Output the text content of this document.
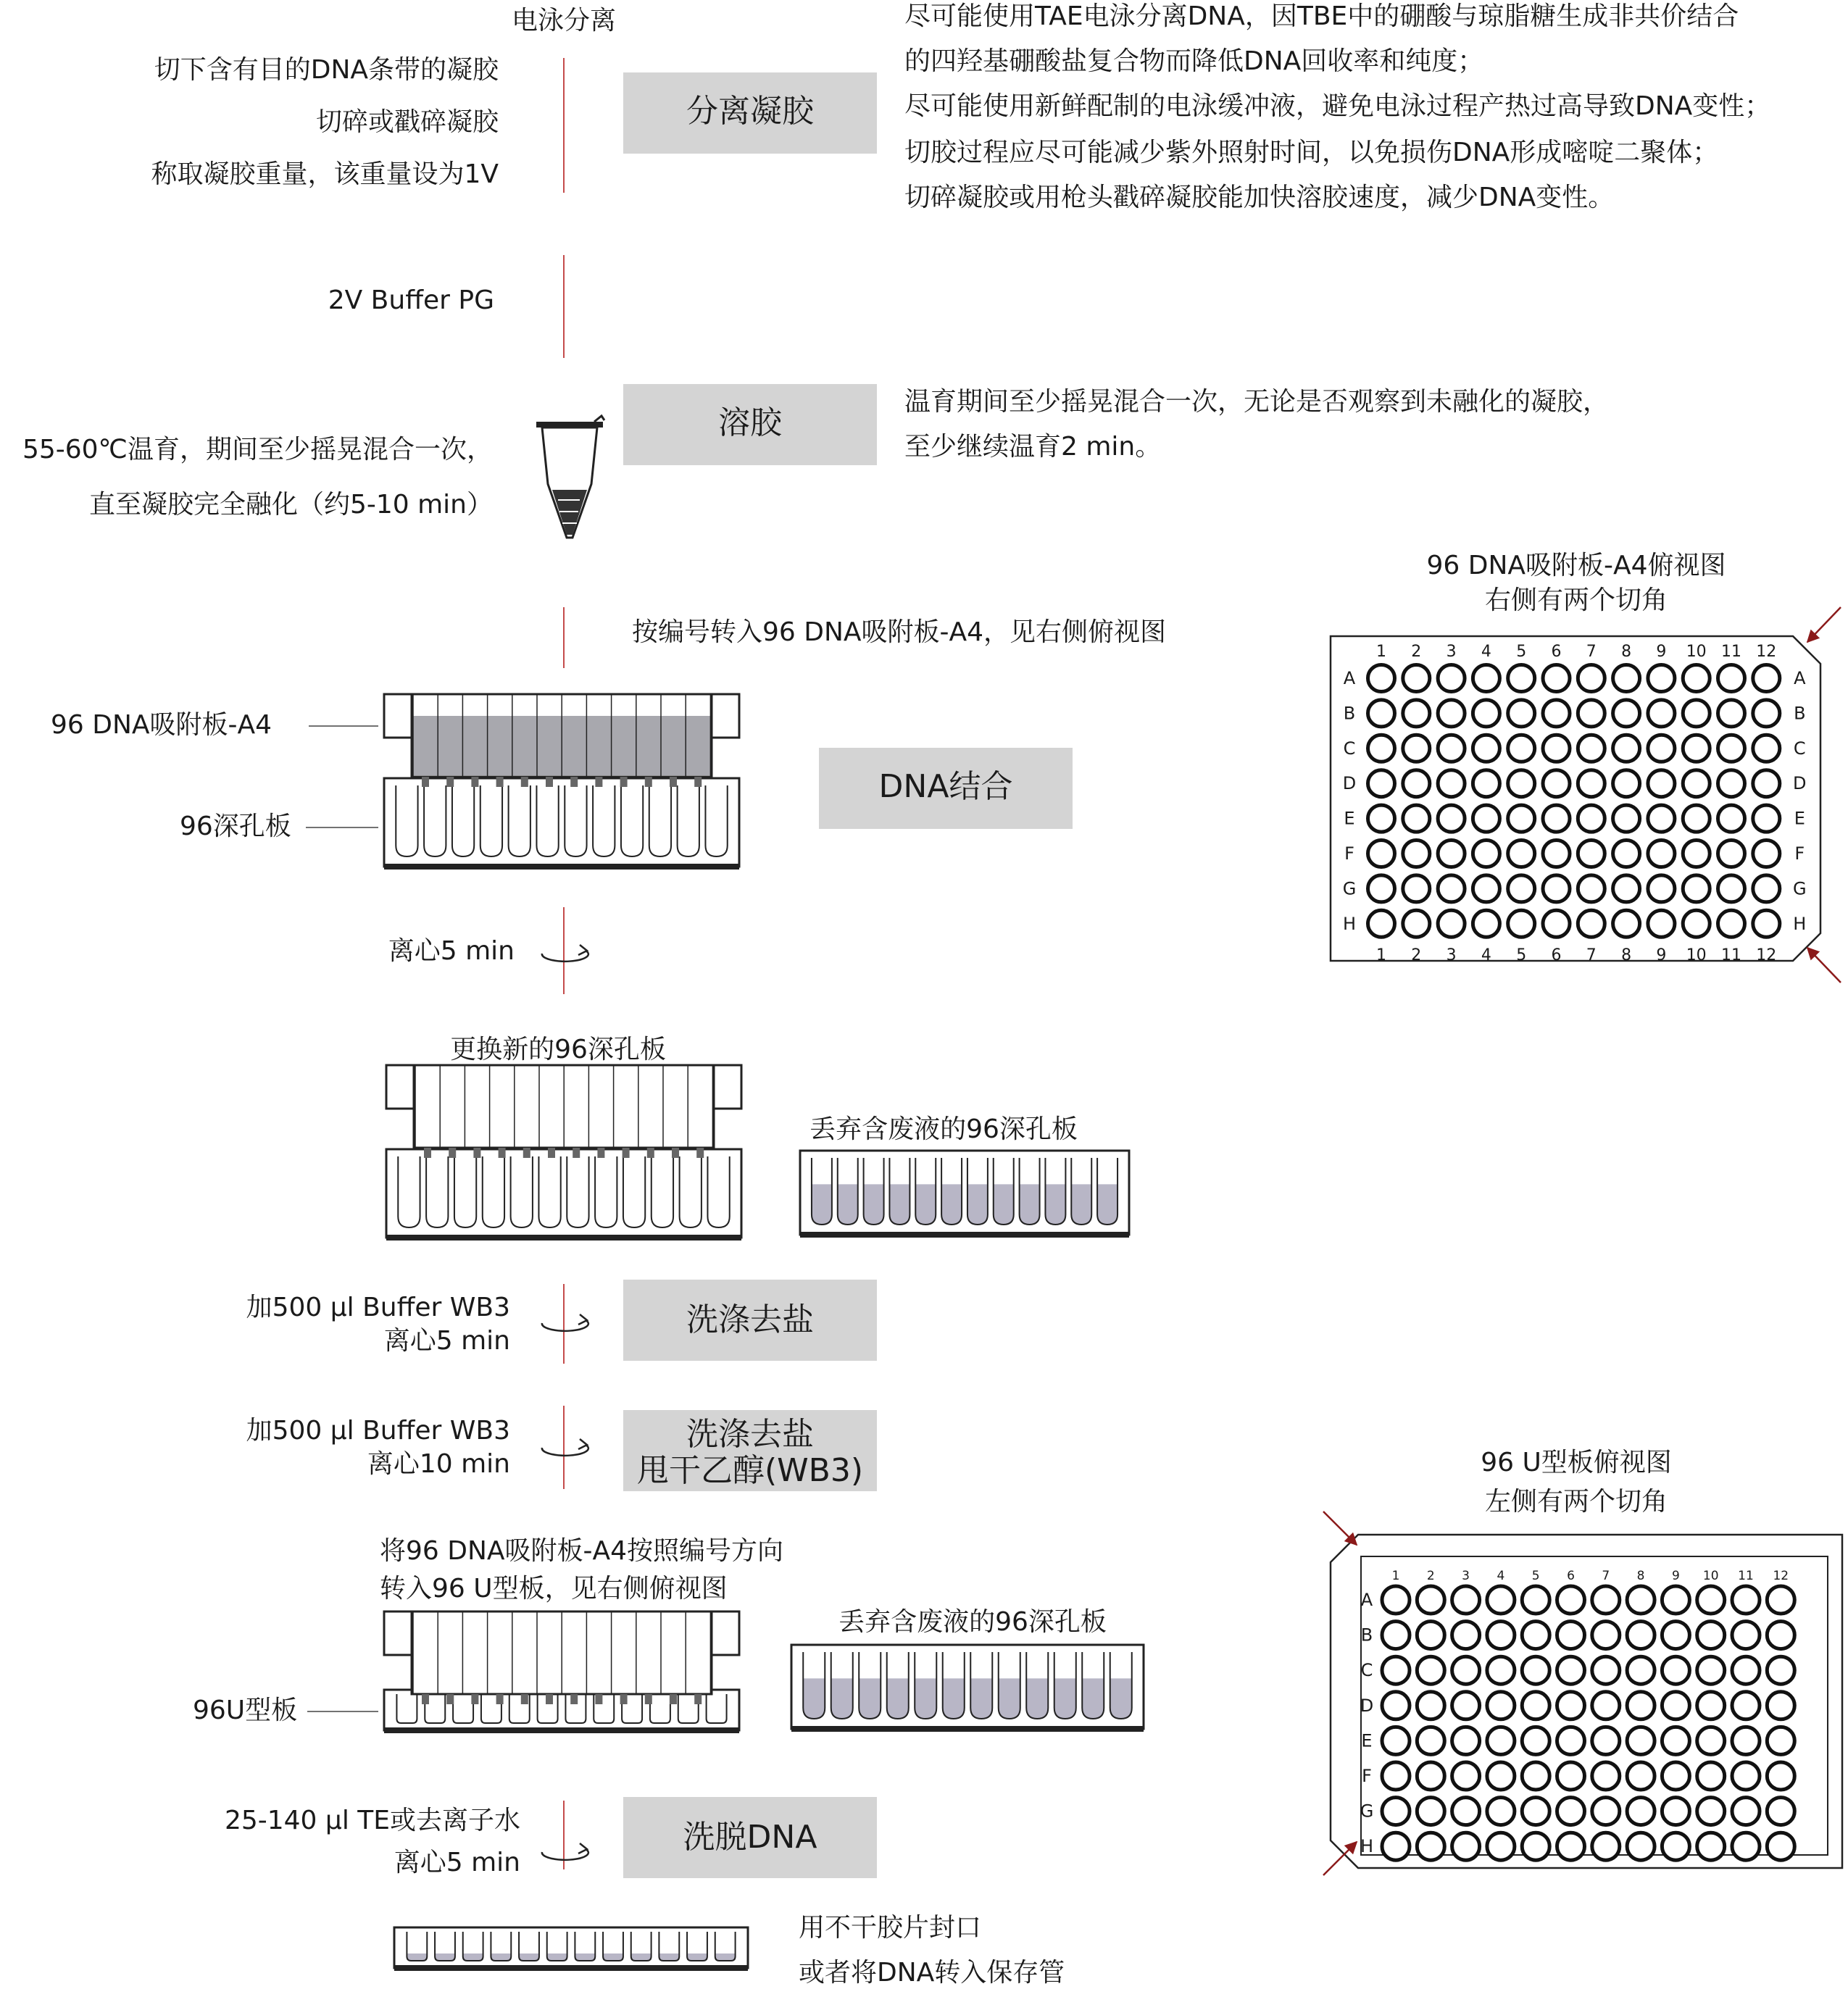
电泳分离
切下含有目的DNA条带的凝胶
切碎或戳碎凝胶
称取凝胶重量，该重量设为1V
分离凝胶
尽可能使用TAE电泳分离DNA，因TBE中的硼酸与琼脂糖生成非共价结合
的四羟基硼酸盐复合物而降低DNA回收率和纯度；
尽可能使用新鲜配制的电泳缓冲液，避免电泳过程产热过高导致DNA变性；
切胶过程应尽可能减少紫外照射时间，以免损伤DNA形成嘧啶二聚体；
切碎凝胶或用枪头戳碎凝胶能加快溶胶速度，减少DNA变性。
2V Buffer PG
55-60℃温育，期间至少摇晃混合一次，
直至凝胶完全融化（约5-10 min）
溶胶
温育期间至少摇晃混合一次，无论是否观察到未融化的凝胶，
至少继续温育2 min。
按编号转入96 DNA吸附板-A4，见右侧俯视图
96 DNA吸附板-A4
96深孔板
DNA结合
96 DNA吸附板-A4俯视图
右侧有两个切角
1
1
2
2
3
3
4
4
5
5
6
6
7
7
8
8
9
9
10
10
11
11
12
12
A	A
B	B
C	C
D	D
E	E
F	F
G	G
H	H
离心5 min
更换新的96深孔板
丢弃含废液的96深孔板
加500 µl Buffer WB3
离心5 min
洗涤去盐
加500 µl Buffer WB3
离心10 min
洗涤去盐
甩干乙醇(WB3)
将96 DNA吸附板-A4按照编号方向
转入96 U型板，见右侧俯视图
96U型板
丢弃含废液的96深孔板
96 U型板俯视图
左侧有两个切角
1 2 3 4 5 6 7 8 9 10 11 12
A
B
C
D
E
F
G
H
25-140 µl TE或去离子水
离心5 min
洗脱DNA
用不干胶片封口
或者将DNA转入保存管
